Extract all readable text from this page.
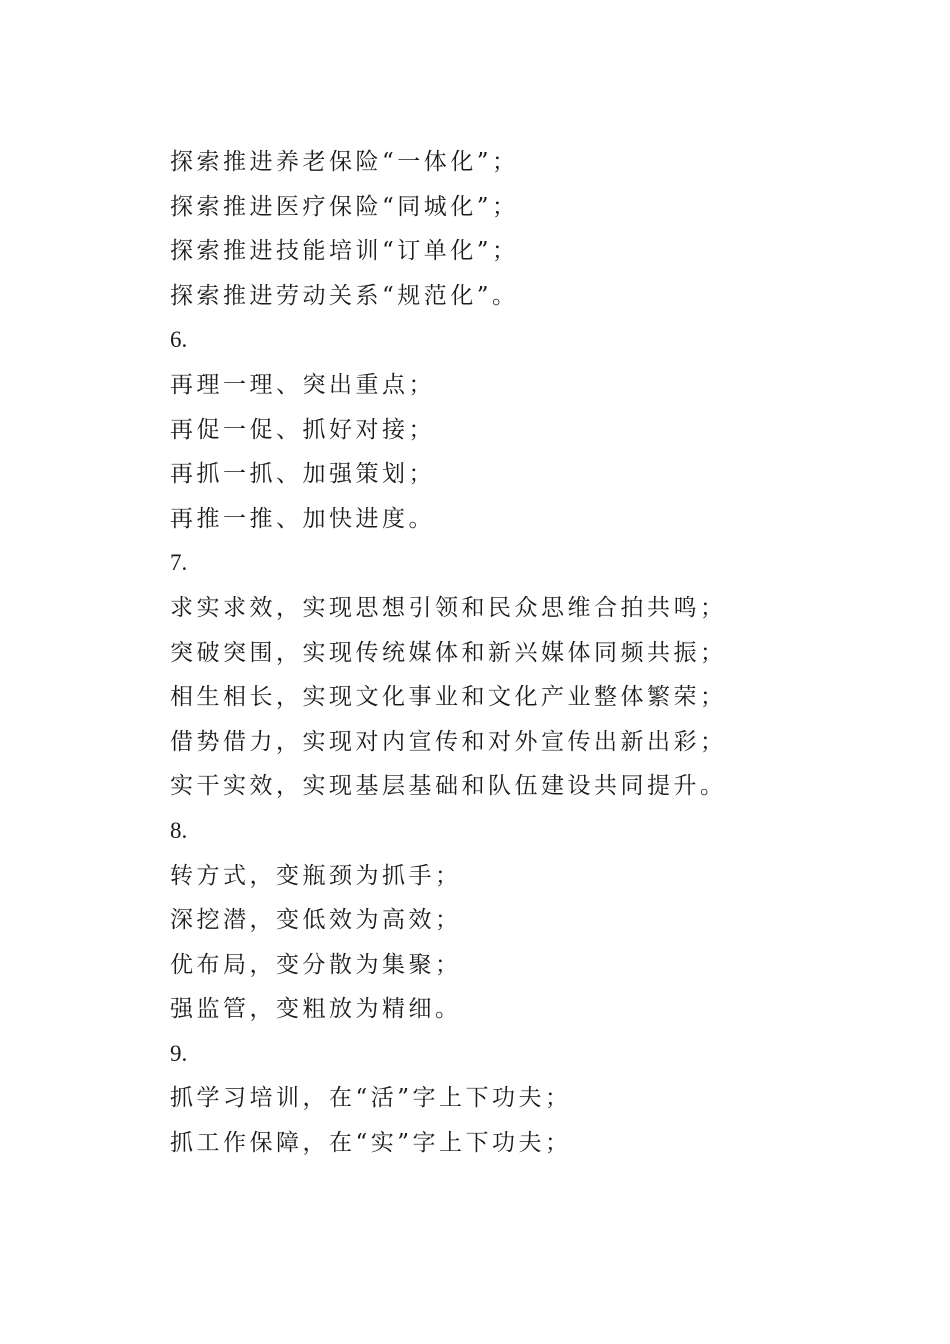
探索推进养老保险“一体化”；
探索推进医疗保险“同城化”；
探索推进技能培训“订单化”；
探索推进劳动关系“规范化”。
6.
再理一理、突出重点；
再促一促、抓好对接；
再抓一抓、加强策划；
再推一推、加快进度。
7.
求实求效，实现思想引领和民众思维合拍共鸣；
突破突围，实现传统媒体和新兴媒体同频共振；
相生相长，实现文化事业和文化产业整体繁荣；
借势借力，实现对内宣传和对外宣传出新出彩；
实干实效，实现基层基础和队伍建设共同提升。
8.
转方式，变瓶颈为抓手；
深挖潜，变低效为高效；
优布局，变分散为集聚；
强监管，变粗放为精细。
9.
抓学习培训，在“活”字上下功夫；
抓工作保障，在“实”字上下功夫；
